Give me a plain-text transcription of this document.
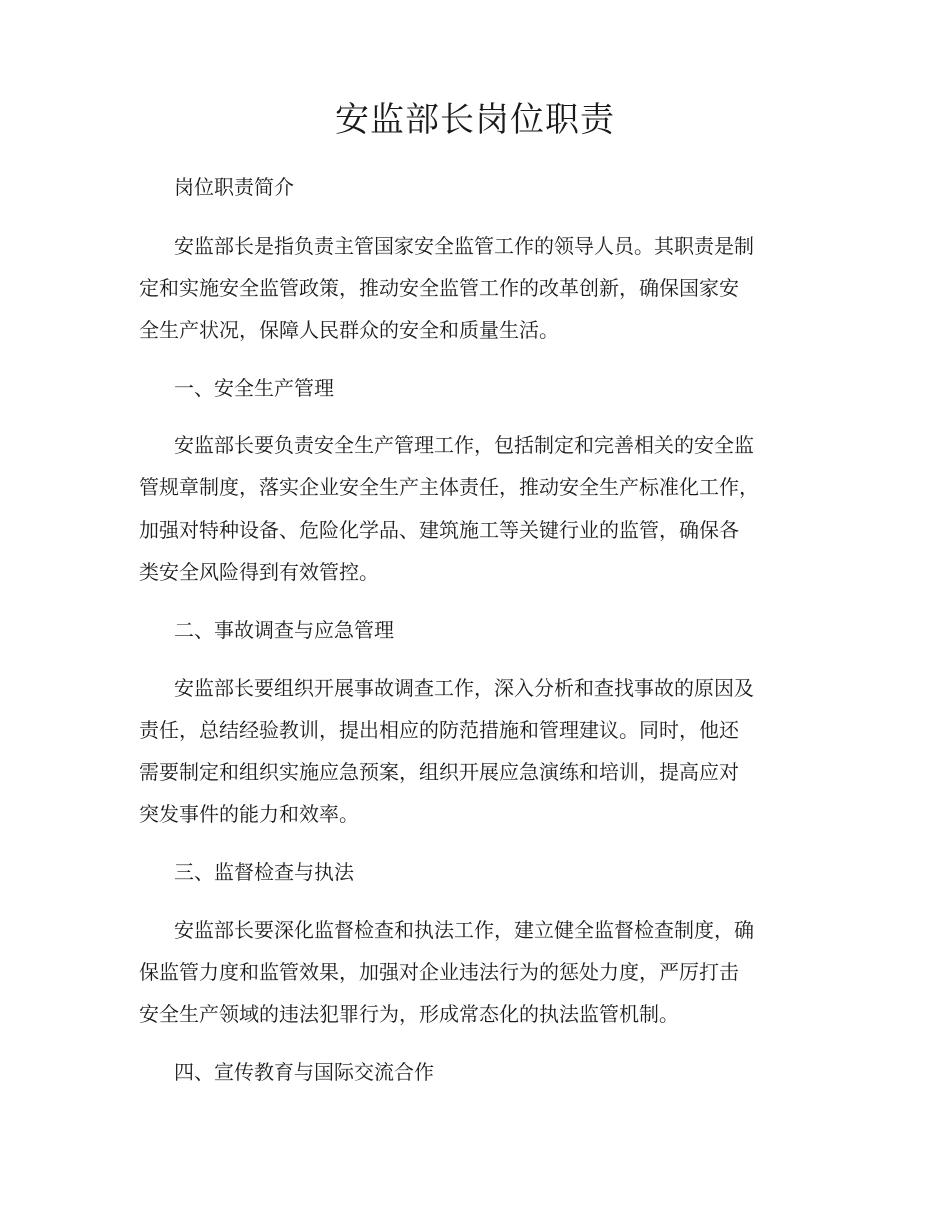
安监部长岗位职责

岗位职责简介

安监部长是指负责主管国家安全监管工作的领导人员。其职责是制

定和实施安全监管政策，推动安全监管工作的改革创新，确保国家安

全生产状况，保障人民群众的安全和质量生活。

一、安全生产管理

安监部长要负责安全生产管理工作，包括制定和完善相关的安全监

管规章制度，落实企业安全生产主体责任，推动安全生产标准化工作，

加强对特种设备、危险化学品、建筑施工等关键行业的监管，确保各

类安全风险得到有效管控。

二、事故调查与应急管理

安监部长要组织开展事故调查工作，深入分析和查找事故的原因及

责任，总结经验教训，提出相应的防范措施和管理建议。同时，他还

需要制定和组织实施应急预案，组织开展应急演练和培训，提高应对

突发事件的能力和效率。

三、监督检查与执法

安监部长要深化监督检查和执法工作，建立健全监督检查制度，确

保监管力度和监管效果，加强对企业违法行为的惩处力度，严厉打击

安全生产领域的违法犯罪行为，形成常态化的执法监管机制。

四、宣传教育与国际交流合作
